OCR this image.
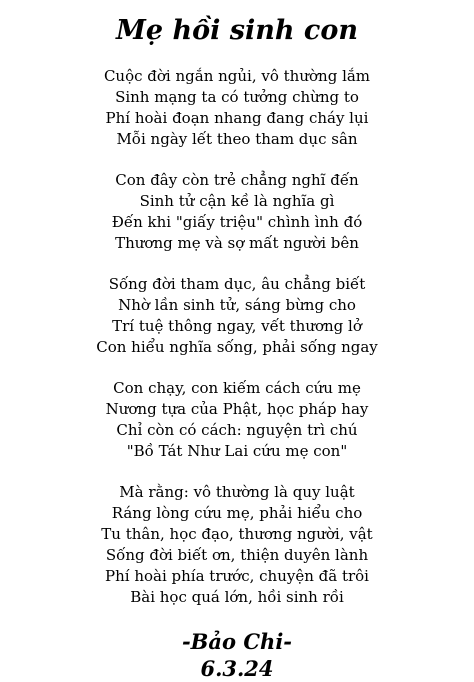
Mẹ hồi sinh con
Cuộc đời ngắn ngủi, vô thường lắm
Sinh mạng ta có tưởng chừng to
Phí hoài đoạn nhang đang cháy lụi
Mỗi ngày lết theo tham dục sân
Con đây còn trẻ chẳng nghĩ đến
Sinh tử cận kề là nghĩa gì
Đến khi "giấy triệu" chình ình đó
Thương mẹ và sợ mất người bên
Sống đời tham dục, âu chẳng biết
Nhờ lần sinh tử, sáng bừng cho
Trí tuệ thông ngay, vết thương lở
Con hiểu nghĩa sống, phải sống ngay
Con chạy, con kiếm cách cứu mẹ
Nương tựa của Phật, học pháp hay
Chỉ còn có cách: nguyện trì chú
"Bồ Tát Như Lai cứu mẹ con"
Mà rằng: vô thường là quy luật
Ráng lòng cứu mẹ, phải hiểu cho
Tu thân, học đạo, thương người, vật
Sống đời biết ơn, thiện duyên lành
Phí hoài phía trước, chuyện đã trôi
Bài học quá lớn, hồi sinh rồi
-Bảo Chi-
6.3.24
